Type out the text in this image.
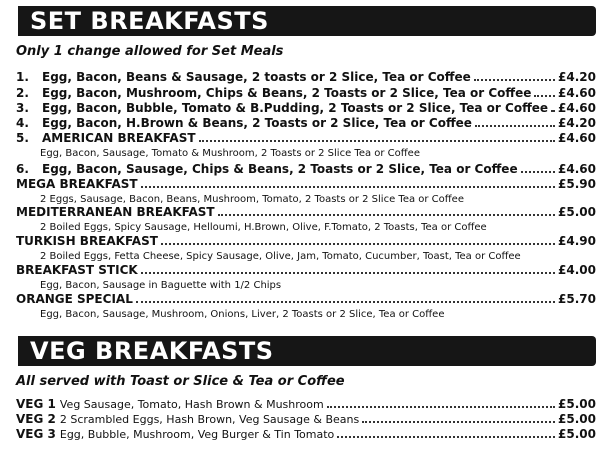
SET BREAKFASTS
Only 1 change allowed for Set Meals
1.	Egg, Bacon, Beans & Sausage, 2 toasts or 2 Slice, Tea or Coffee	£4.20
2.	Egg, Bacon, Mushroom, Chips & Beans, 2 Toasts or 2 Slice, Tea or Coffee £4.60
3.	Egg, Bacon, Bubble, Tomato & B.Pudding, 2 Toasts or 2 Slice, Tea or Coffee £4.60
4.	Egg, Bacon, H.Brown & Beans, 2 Toasts or 2 Slice, Tea or Coffee	£4.20
5.	AMERICAN BREAKFAST	£4.60
Egg, Bacon, Sausage, Tomato & Mushroom, 2 Toasts or 2 Slice Tea or Coffee
6.	Egg, Bacon, Sausage, Chips & Beans, 2 Toasts or 2 Slice, Tea or Coffee	£4.60
MEGA BREAKFAST	£5.90
2 Eggs, Sausage, Bacon, Beans, Mushroom, Tomato, 2 Toasts or 2 Slice Tea or Coffee
MEDITERRANEAN BREAKFAST	£5.00
2 Boiled Eggs, Spicy Sausage, Helloumi, H.Brown, Olive, F.Tomato, 2 Toasts, Tea or Coffee
TURKISH BREAKFAST	£4.90
2 Boiled Eggs, Fetta Cheese, Spicy Sausage, Olive, Jam, Tomato, Cucumber, Toast, Tea or Coffee
BREAKFAST STICK	£4.00
Egg, Bacon, Sausage in Baguette with 1/2 Chips
ORANGE SPECIAL	£5.70
Egg, Bacon, Sausage, Mushroom, Onions, Liver, 2 Toasts or 2 Slice, Tea or Coffee
VEG BREAKFASTS
All served with Toast or Slice & Tea or Coffee
VEG 1 Veg Sausage, Tomato, Hash Brown & Mushroom	£5.00
VEG 2 2 Scrambled Eggs, Hash Brown, Veg Sausage & Beans	£5.00
VEG 3 Egg, Bubble, Mushroom, Veg Burger & Tin Tomato	£5.00
